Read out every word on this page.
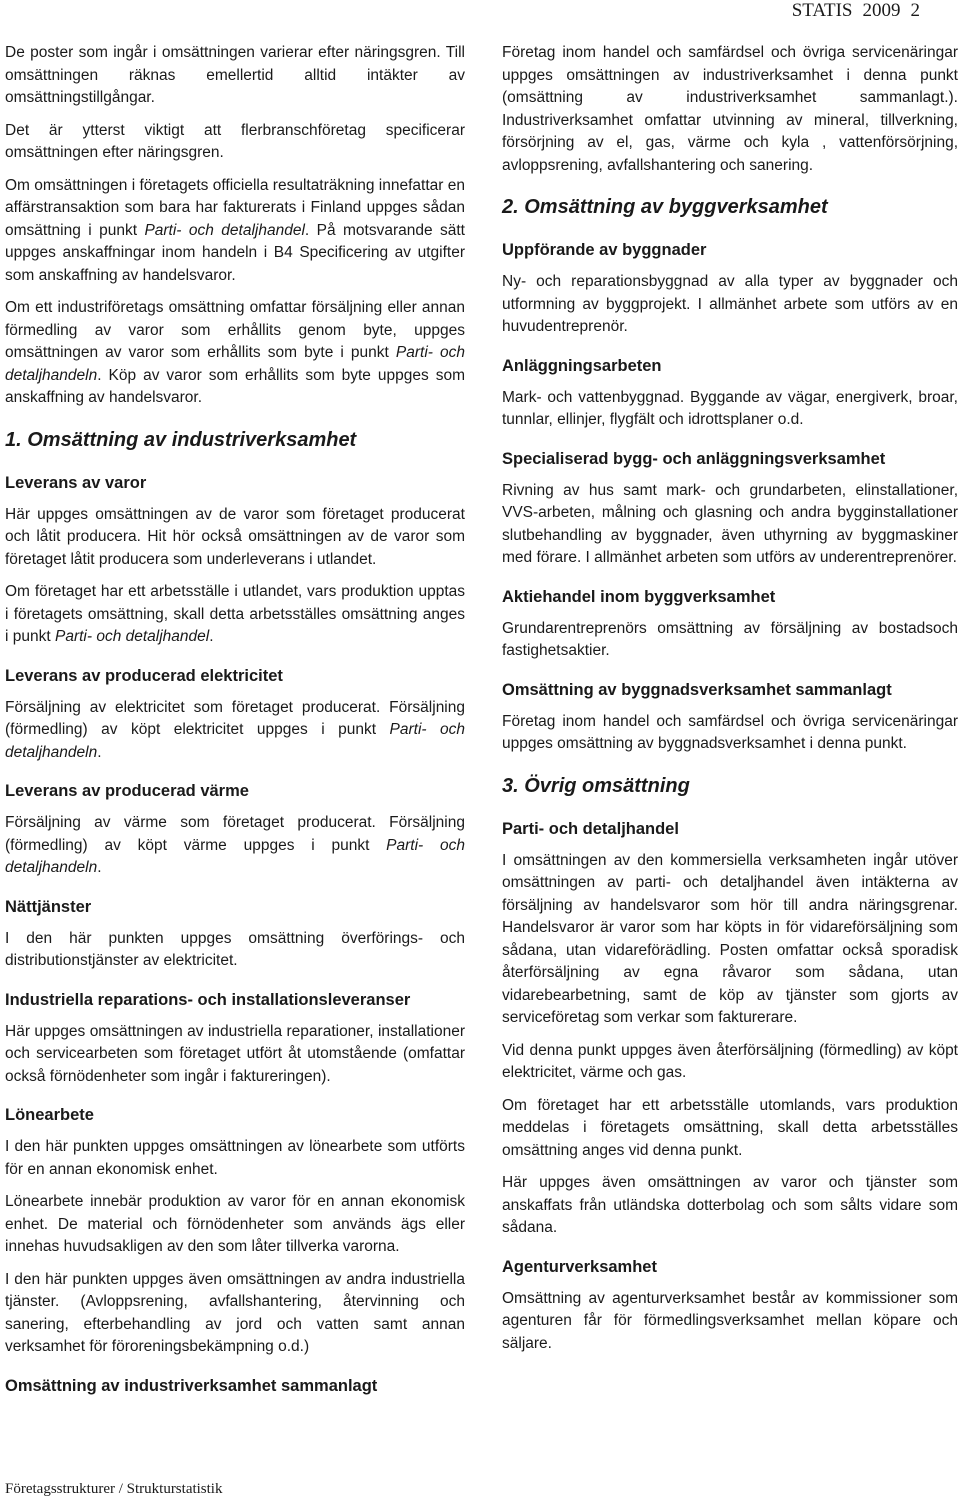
STATIS 2009 2

De poster som ingår i omsättningen varierar efter näringsgren. Till omsättningen räknas emellertid alltid intäkter av omsättningstillgångar.

Det är ytterst viktigt att flerbranschföretag specificerar omsättningen efter näringsgren.

Om omsättningen i företagets officiella resultaträkning innefattar en affärstransaktion som bara har fakturerats i Finland uppges sådan omsättning i punkt Parti- och detaljhandel. På motsvarande sätt uppges anskaffningar inom handeln i B4 Specificering av utgifter som anskaffning av handelsvaror.

Om ett industriföretags omsättning omfattar försäljning eller annan förmedling av varor som erhållits genom byte, uppges omsättningen av varor som erhållits som byte i punkt Parti- och detaljhandeln. Köp av varor som erhållits som byte uppges som anskaffning av handelsvaror.

1. Omsättning av industriverksamhet
Leverans av varor

Här uppges omsättningen av de varor som företaget producerat och låtit producera. Hit hör också omsättningen av de varor som företaget låtit producera som underleverans i utlandet.

Om företaget har ett arbetsställe i utlandet, vars produktion upptas i företagets omsättning, skall detta arbetsställes omsättning anges i punkt Parti- och detaljhandel.

Leverans av producerad elektricitet

Försäljning av elektricitet som företaget producerat. Försäljning (förmedling) av köpt elektricitet uppges i punkt Parti- och detaljhandeln.

Leverans av producerad värme

Försäljning av värme som företaget producerat. Försäljning (förmedling) av köpt värme uppges i punkt Parti- och detaljhandeln.

Nättjänster

I den här punkten uppges omsättning överförings- och distributionstjänster av elektricitet.

Industriella reparations- och installationsleveranser

Här uppges omsättningen av industriella reparationer, installationer och servicearbeten som företaget utfört åt utomstående (omfattar också förnödenheter som ingår i faktureringen).

Lönearbete

I den här punkten uppges omsättningen av lönearbete som utförts för en annan ekonomisk enhet.

Lönearbete innebär produktion av varor för en annan ekonomisk enhet. De material och förnödenheter som används ägs eller innehas huvudsakligen av den som låter tillverka varorna.

I den här punkten uppges även omsättningen av andra industriella tjänster. (Avloppsrening, avfallshantering, återvinning och sanering, efterbehandling av jord och vatten samt annan verksamhet för föroreningsbekämpning o.d.)

Omsättning av industriverksamhet sammanlagt

Företag inom handel och samfärdsel och övriga servicenäringar uppges omsättningen av industriverksamhet i denna punkt (omsättning av industriverksamhet sammanlagt.). Industriverksamhet omfattar utvinning av mineral, tillverkning, försörjning av el, gas, värme och kyla , vattenförsörjning, avloppsrening, avfallshantering och sanering.

2. Omsättning av byggverksamhet
Uppförande av byggnader

Ny- och reparationsbyggnad av alla typer av byggnader och utformning av byggprojekt. I allmänhet arbete som utförs av en huvudentreprenör.

Anläggningsarbeten

Mark- och vattenbyggnad. Byggande av vägar, energiverk, broar, tunnlar, ellinjer, flygfält och idrottsplaner o.d.

Specialiserad bygg- och anläggningsverksamhet

Rivning av hus samt mark- och grundarbeten, elinstallationer, VVS-arbeten, målning och glasning och andra bygginstallationer slutbehandling av byggnader, även uthyrning av byggmaskiner med förare. I allmänhet arbeten som utförs av underentreprenörer.

Aktiehandel inom byggverksamhet

Grundarentreprenörs omsättning av försäljning av bostadsoch fastighetsaktier.

Omsättning av byggnadsverksamhet sammanlagt

Företag inom handel och samfärdsel och övriga servicenäringar uppges omsättning av byggnadsverksamhet i denna punkt.

3. Övrig omsättning
Parti- och detaljhandel

I omsättningen av den kommersiella verksamheten ingår utöver omsättningen av parti- och detaljhandel även intäkterna av försäljning av handelsvaror som hör till andra näringsgrenar. Handelsvaror är varor som har köpts in för vidareförsäljning som sådana, utan vidareförädling. Posten omfattar också sporadisk återförsäljning av egna råvaror som sådana, utan vidarebearbetning, samt de köp av tjänster som gjorts av serviceföretag som verkar som fakturerare.

Vid denna punkt uppges även återförsäljning (förmedling) av köpt elektricitet, värme och gas.

Om företaget har ett arbetsställe utomlands, vars produktion meddelas i företagets omsättning, skall detta arbetsställes omsättning anges vid denna punkt.

Här uppges även omsättningen av varor och tjänster som anskaffats från utländska dotterbolag och som sålts vidare som sådana.

Agenturverksamhet

Omsättning av agenturverksamhet består av kommissioner som agenturen får för förmedlingsverksamhet mellan köpare och säljare.

Företagsstrukturer / Strukturstatistik
